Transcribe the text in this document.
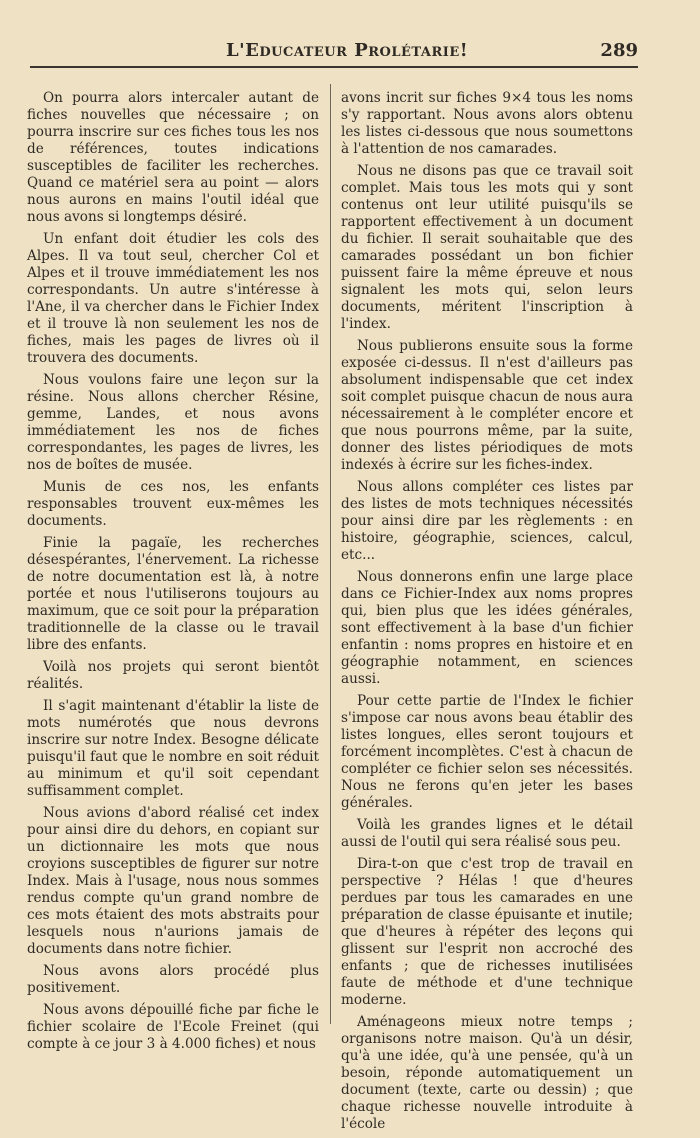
L'Educateur Prolétarie!	289

On pourra alors intercaler autant de fiches nouvelles que nécessaire ; on pourra inscrire sur ces fiches tous les nos de références, toutes indications susceptibles de faciliter les recherches. Quand ce matériel sera au point — alors nous aurons en mains l'outil idéal que nous avons si longtemps désiré.

Un enfant doit étudier les cols des Alpes. Il va tout seul, chercher Col et Alpes et il trouve immédiatement les nos correspondants. Un autre s'intéresse à l'Ane, il va chercher dans le Fichier Index et il trouve là non seulement les nos de fiches, mais les pages de livres où il trouvera des documents.

Nous voulons faire une leçon sur la résine. Nous allons chercher Résine, gemme, Landes, et nous avons immédiatement les nos de fiches correspondantes, les pages de livres, les nos de boîtes de musée.

Munis de ces nos, les enfants responsables trouvent eux-mêmes les documents.

Finie la pagaïe, les recherches désespérantes, l'énervement. La richesse de notre documentation est là, à notre portée et nous l'utiliserons toujours au maximum, que ce soit pour la préparation traditionnelle de la classe ou le travail libre des enfants.

Voilà nos projets qui seront bientôt réalités.

Il s'agit maintenant d'établir la liste de mots numérotés que nous devrons inscrire sur notre Index. Besogne délicate puisqu'il faut que le nombre en soit réduit au minimum et qu'il soit cependant suffisamment complet.

Nous avions d'abord réalisé cet index pour ainsi dire du dehors, en copiant sur un dictionnaire les mots que nous croyions susceptibles de figurer sur notre Index. Mais à l'usage, nous nous sommes rendus compte qu'un grand nombre de ces mots étaient des mots abstraits pour lesquels nous n'aurions jamais de documents dans notre fichier.

Nous avons alors procédé plus positivement.

Nous avons dépouillé fiche par fiche le fichier scolaire de l'Ecole Freinet (qui compte à ce jour 3 à 4.000 fiches) et nous

avons incrit sur fiches 9×4 tous les noms s'y rapportant. Nous avons alors obtenu les listes ci-dessous que nous soumettons à l'attention de nos camarades.

Nous ne disons pas que ce travail soit complet. Mais tous les mots qui y sont contenus ont leur utilité puisqu'ils se rapportent effectivement à un document du fichier. Il serait souhaitable que des camarades possédant un bon fichier puissent faire la même épreuve et nous signalent les mots qui, selon leurs documents, méritent l'inscription à l'index.

Nous publierons ensuite sous la forme exposée ci-dessus. Il n'est d'ailleurs pas absolument indispensable que cet index soit complet puisque chacun de nous aura nécessairement à le compléter encore et que nous pourrons même, par la suite, donner des listes périodiques de mots indexés à écrire sur les fiches-index.

Nous allons compléter ces listes par des listes de mots techniques nécessités pour ainsi dire par les règlements : en histoire, géographie, sciences, calcul, etc...

Nous donnerons enfin une large place dans ce Fichier-Index aux noms propres qui, bien plus que les idées générales, sont effectivement à la base d'un fichier enfantin : noms propres en histoire et en géographie notamment, en sciences aussi.

Pour cette partie de l'Index le fichier s'impose car nous avons beau établir des listes longues, elles seront toujours et forcément incomplètes. C'est à chacun de compléter ce fichier selon ses nécessités. Nous ne ferons qu'en jeter les bases générales.

Voilà les grandes lignes et le détail aussi de l'outil qui sera réalisé sous peu.

Dira-t-on que c'est trop de travail en perspective ? Hélas ! que d'heures perdues par tous les camarades en une préparation de classe épuisante et inutile; que d'heures à répéter des leçons qui glissent sur l'esprit non accroché des enfants ; que de richesses inutilisées faute de méthode et d'une technique moderne.

Aménageons mieux notre temps ; organisons notre maison. Qu'à un désir, qu'à une idée, qu'à une pensée, qu'à un besoin, réponde automatiquement un document (texte, carte ou dessin) ; que chaque richesse nouvelle introduite à l'école
